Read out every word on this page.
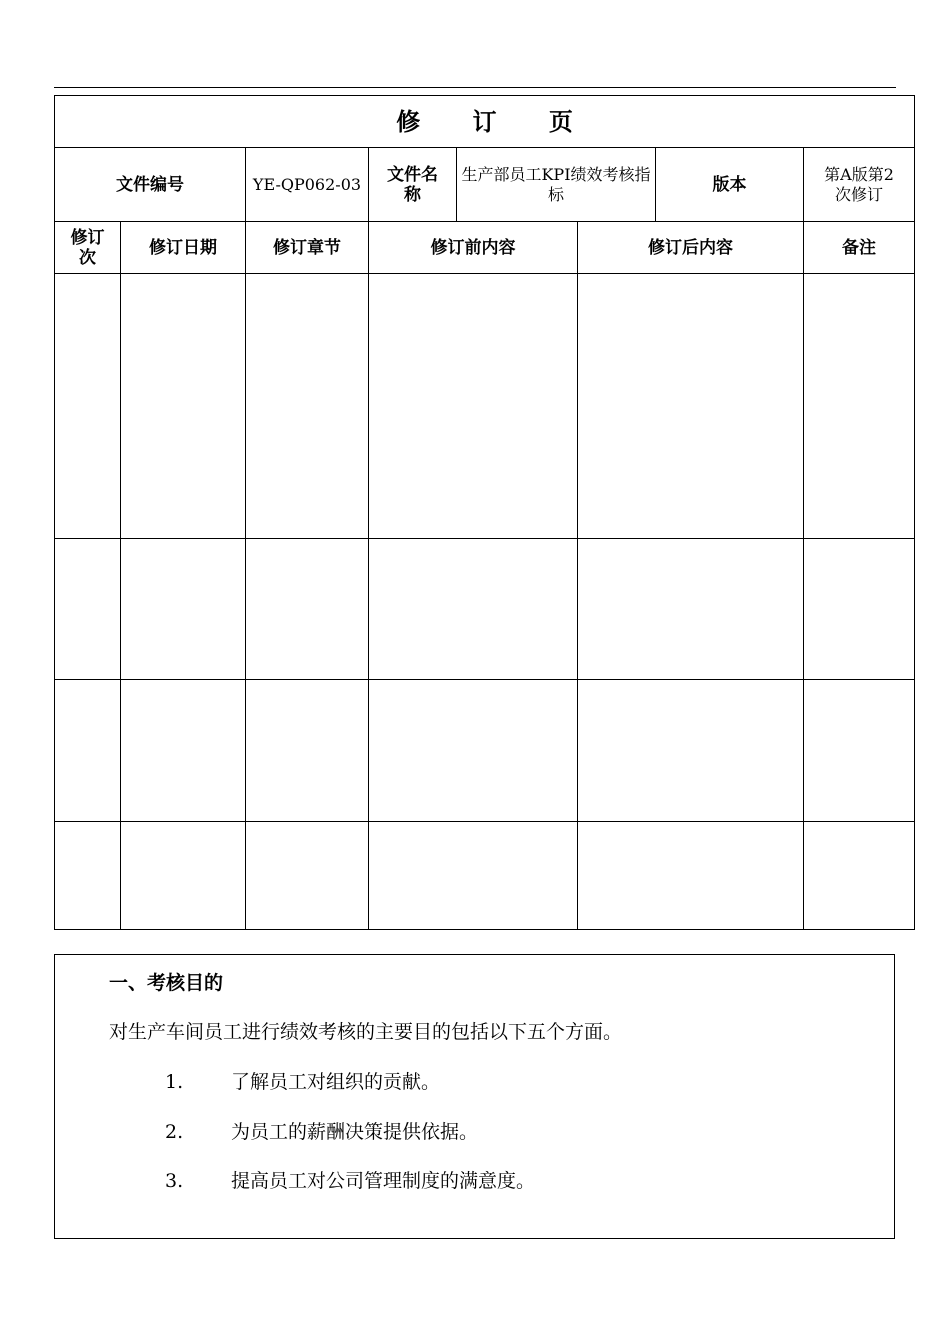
修 订 页							
文件编号		YE-QP062-03	文件名称	生产部员工KPI绩效考核指标		版本	第A版第2次修订
修订次	修订日期	修订章节	修订前内容		修订后内容		备注

一、考核目的

对生产车间员工进行绩效考核的主要目的包括以下五个方面。

1.	了解员工对组织的贡献。
2.	为员工的薪酬决策提供依据。
3.	提高员工对公司管理制度的满意度。
